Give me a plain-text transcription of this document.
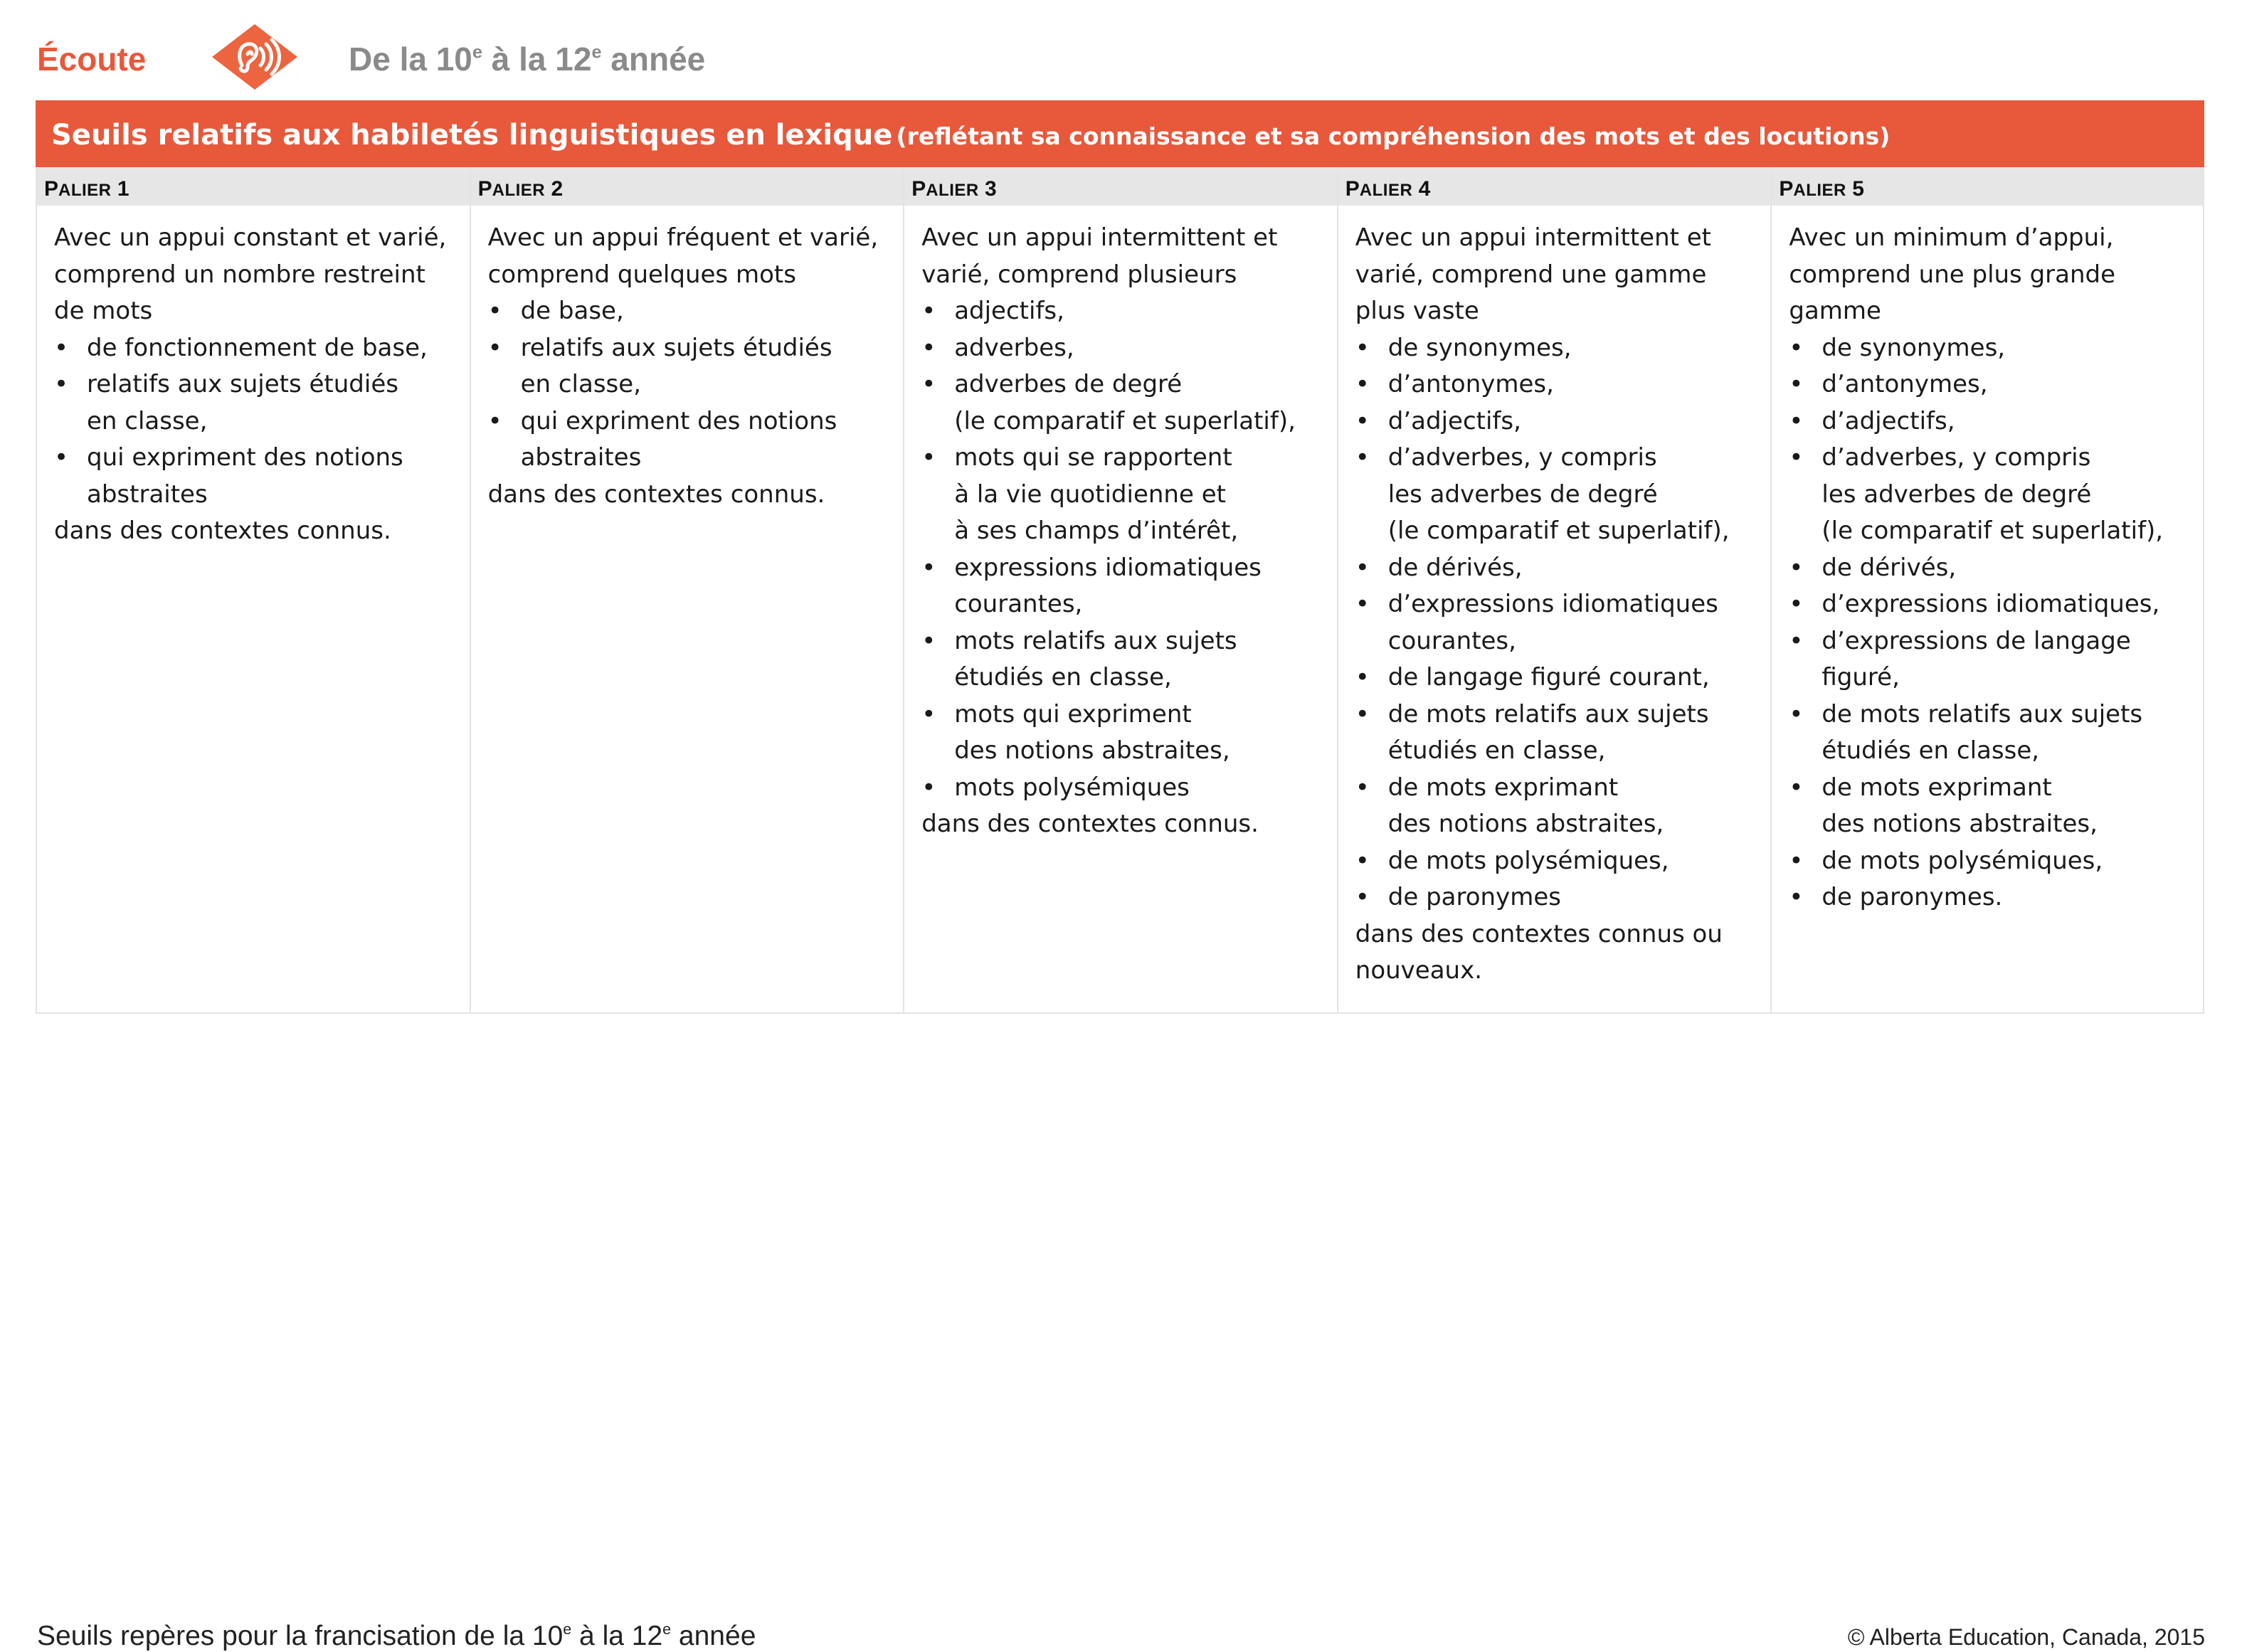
Écoute	De la 10e à la 12e année
Seuils relatifs aux habiletés linguistiques en lexique (reflétant sa connaissance et sa compréhension des mots et des locutions)
PALIER 1
Avec un appui constant et varié,
comprend un nombre restreint
de mots
• de fonctionnement de base,
• relatifs aux sujets étudiés
en classe,
• qui expriment des notions
abstraites
dans des contextes connus.
PALIER 2
Avec un appui fréquent et varié,
comprend quelques mots
• de base,
• relatifs aux sujets étudiés
en classe,
• qui expriment des notions
abstraites
dans des contextes connus.
PALIER 3
Avec un appui intermittent et
varié, comprend plusieurs
• adjectifs,
• adverbes,
• adverbes de degré
(le comparatif et superlatif),
• mots qui se rapportent
à la vie quotidienne et
à ses champs d’intérêt,
• expressions idiomatiques
courantes,
• mots relatifs aux sujets
étudiés en classe,
• mots qui expriment
des notions abstraites,
• mots polysémiques
dans des contextes connus.
PALIER 4
Avec un appui intermittent et
varié, comprend une gamme
plus vaste
• de synonymes,
• d’antonymes,
• d’adjectifs,
• d’adverbes, y compris
les adverbes de degré
(le comparatif et superlatif),
• de dérivés,
• d’expressions idiomatiques
courantes,
• de langage figuré courant,
• de mots relatifs aux sujets
étudiés en classe,
• de mots exprimant
des notions abstraites,
• de mots polysémiques,
• de paronymes
dans des contextes connus ou
nouveaux.
PALIER 5
Avec un minimum d’appui,
comprend une plus grande
gamme
• de synonymes,
• d’antonymes,
• d’adjectifs,
• d’adverbes, y compris
les adverbes de degré
(le comparatif et superlatif),
• de dérivés,
• d’expressions idiomatiques,
• d’expressions de langage
figuré,
• de mots relatifs aux sujets
étudiés en classe,
• de mots exprimant
des notions abstraites,
• de mots polysémiques,
• de paronymes.
Seuils repères pour la francisation de la 10e à la 12e année	© Alberta Education, Canada, 2015
